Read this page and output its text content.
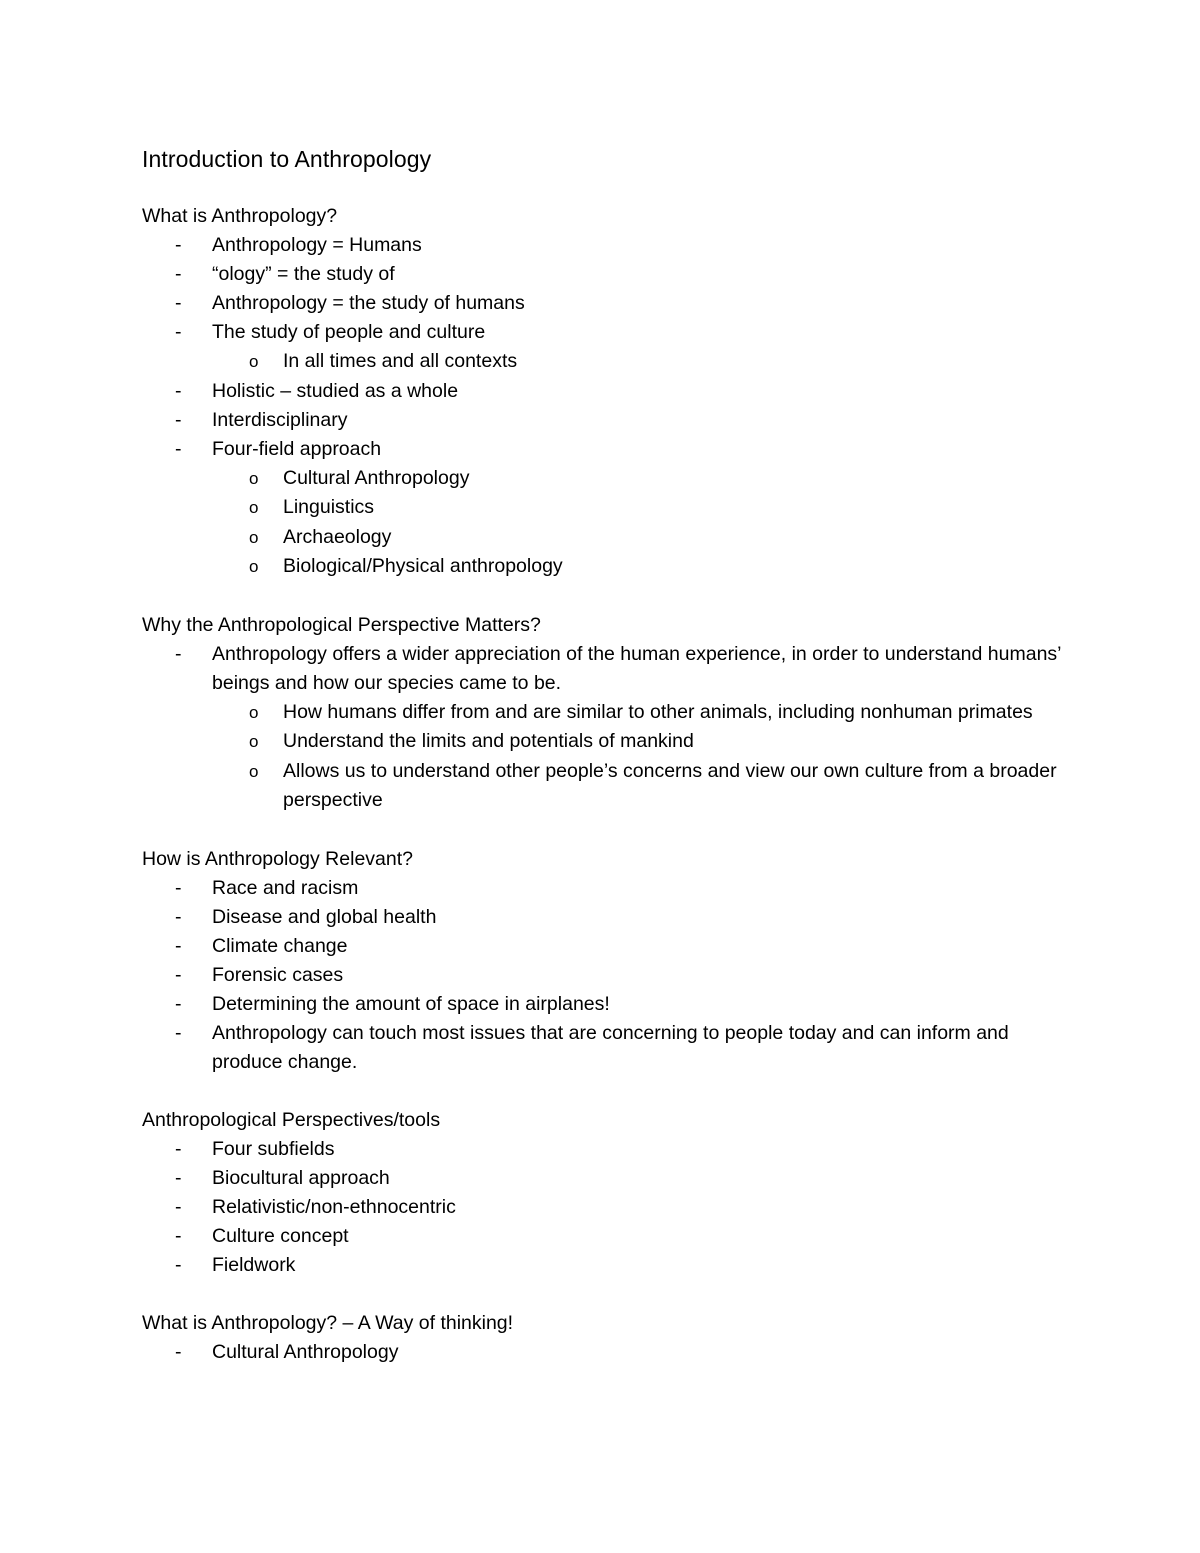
Introduction to Anthropology
What is Anthropology?
-	Anthropology = Humans
-	“ology” = the study of
-	Anthropology = the study of humans
-	The study of people and culture
o	In all times and all contexts
-	Holistic – studied as a whole
-	Interdisciplinary
-	Four-field approach
o	Cultural Anthropology
o	Linguistics
o	Archaeology
o	Biological/Physical anthropology
Why the Anthropological Perspective Matters?
-	Anthropology offers a wider appreciation of the human experience, in order to understand humans’ beings and how our species came to be.
o	How humans differ from and are similar to other animals, including nonhuman primates
o	Understand the limits and potentials of mankind
o	Allows us to understand other people’s concerns and view our own culture from a broader perspective
How is Anthropology Relevant?
-	Race and racism
-	Disease and global health
-	Climate change
-	Forensic cases
-	Determining the amount of space in airplanes!
-	Anthropology can touch most issues that are concerning to people today and can inform and produce change.
Anthropological Perspectives/tools
-	Four subfields
-	Biocultural approach
-	Relativistic/non-ethnocentric
-	Culture concept
-	Fieldwork
What is Anthropology? – A Way of thinking!
-	Cultural Anthropology
